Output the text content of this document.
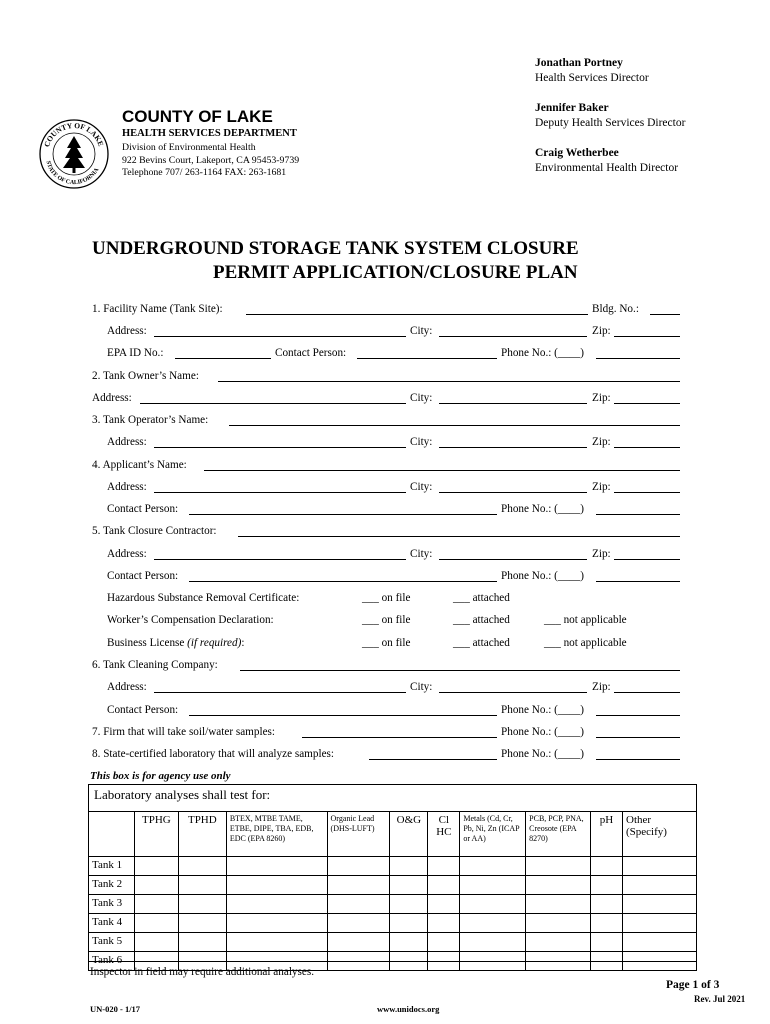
Jonathan Portney
Health Services Director
Jennifer Baker
Deputy Health Services Director
Craig Wetherbee
Environmental Health Director
COUNTY OF LAKE
STATE OF CALIFORNIA
COUNTY OF LAKE
HEALTH SERVICES DEPARTMENT
Division of Environmental Health
922 Bevins Court, Lakeport, CA 95453-9739
Telephone 707/ 263-1164 FAX: 263-1681
UNDERGROUND STORAGE TANK SYSTEM CLOSURE
PERMIT APPLICATION/CLOSURE PLAN
1. Facility Name (Tank Site):	Bldg. No.:
Address:	City:	Zip:
EPA ID No.:	Contact Person:	Phone No.: (____)
2. Tank Owner’s Name:
Address:	City:	Zip:
3. Tank Operator’s Name:
Address:	City:	Zip:
4. Applicant’s Name:
Address:	City:	Zip:
Contact Person:	Phone No.: (____)
5. Tank Closure Contractor:
Address:	City:	Zip:
Contact Person:	Phone No.: (____)
Hazardous Substance Removal Certificate:	___ on file	___ attached
Worker’s Compensation Declaration:	___ on file	___ attached	___ not applicable
Business License (if required):	___ on file	___ attached	___ not applicable
6. Tank Cleaning Company:
Address:	City:	Zip:
Contact Person:	Phone No.: (____)
7. Firm that will take soil/water samples:	Phone No.: (____)
8. State-certified laboratory that will analyze samples:	Phone No.: (____)
This box is for agency use only
Laboratory analyses shall test for:
	TPHG	TPHD	BTEX, MTBE TAME, ETBE, DIPE, TBA, EDB, EDC (EPA 8260)	Organic Lead (DHS-LUFT)	O&G	Cl HC	Metals (Cd, Cr, Pb, Ni, Zn (ICAP or AA)	PCB, PCP, PNA, Creosote (EPA 8270)	pH	Other (Specify)
Tank 1										
Tank 2										
Tank 3										
Tank 4										
Tank 5										
Tank 6										
Inspector in field may require additional analyses.
Page 1 of 3
Rev. Jul 2021
UN-020 - 1/17	www.unidocs.org
